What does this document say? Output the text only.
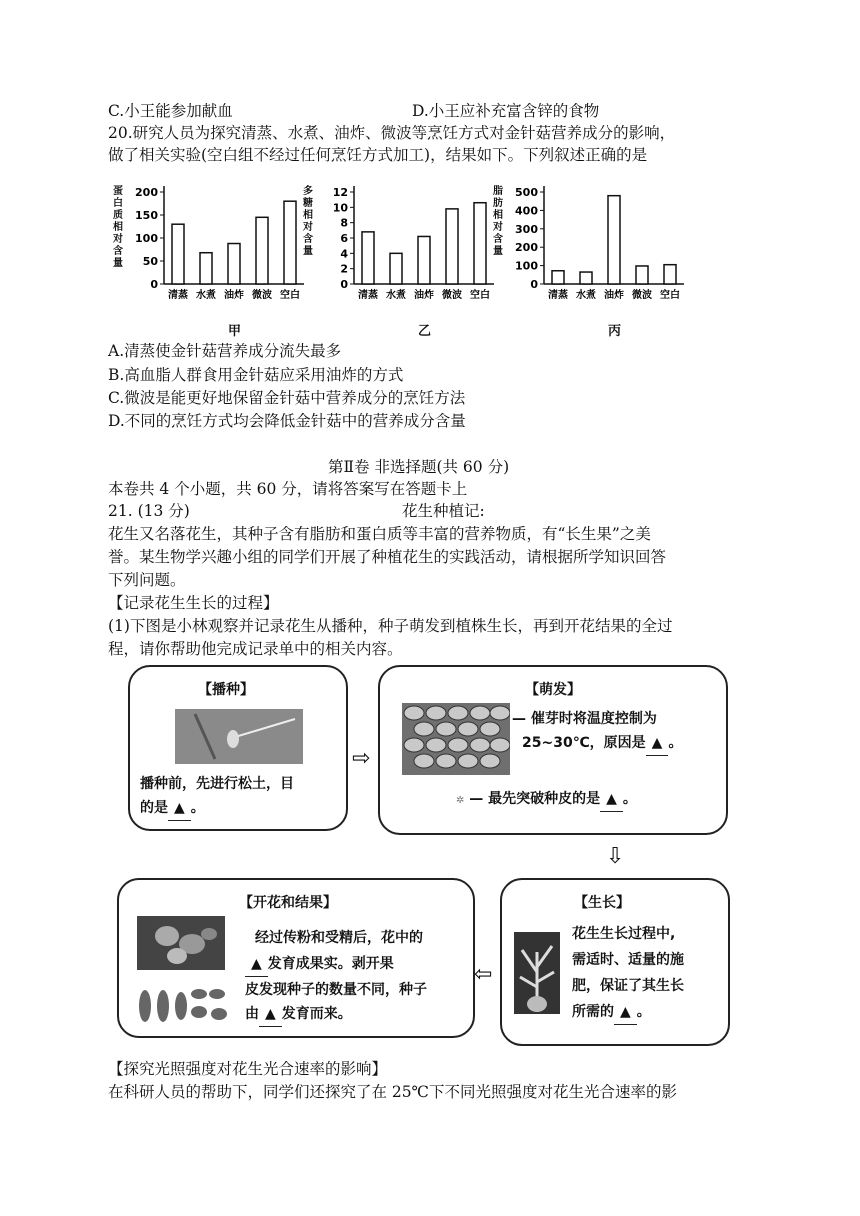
C.小王能参加献血	D.小王应补充富含锌的食物
20.研究人员为探究清蒸、水煮、油炸、微波等烹饪方式对金针菇营养成分的影响，
做了相关实验(空白组不经过任何烹饪方式加工)，结果如下。下列叙述正确的是
蛋白质相对含量
0
50
100
150
200
清蒸 水煮 油炸 微波 空白
甲
多糖相对含量
0
2
4
6
8
10
12
清蒸 水煮 油炸 微波 空白
乙
脂肪相对含量
0
100
200
300
400
500
清蒸 水煮 油炸 微波 空白
丙
A.清蒸使金针菇营养成分流失最多
B.高血脂人群食用金针菇应采用油炸的方式
C.微波是能更好地保留金针菇中营养成分的烹饪方法
D.不同的烹饪方式均会降低金针菇中的营养成分含量
第Ⅱ卷 非选择题(共 60 分)
本卷共 4 个小题，共 60 分，请将答案写在答题卡上
21. (13 分)	花生种植记:
花生又名落花生，其种子含有脂肪和蛋白质等丰富的营养物质，有“长生果”之美
誉。某生物学兴趣小组的同学们开展了种植花生的实践活动，请根据所学知识回答
下列问题。
【记录花生生长的过程】
(1)下图是小林观察并记录花生从播种，种子萌发到植株生长，再到开花结果的全过
程，请你帮助他完成记录单中的相关内容。
【播种】
播种前，先进行松土，目
的是 ▲ 。
⇨
【萌发】
— 催芽时将温度控制为
25~30℃，原因是 ▲ 。
✲ — 最先突破种皮的是 ▲ 。
⇩
【开花和结果】
经过传粉和受精后，花中的
▲ 发育成果实。剥开果
皮发现种子的数量不同，种子
由 ▲ 发育而来。
⇦
【生长】
花生生长过程中,
需适时、适量的施
肥，保证了其生长
所需的 ▲ 。
【探究光照强度对花生光合速率的影响】
在科研人员的帮助下，同学们还探究了在 25℃下不同光照强度对花生光合速率的影
